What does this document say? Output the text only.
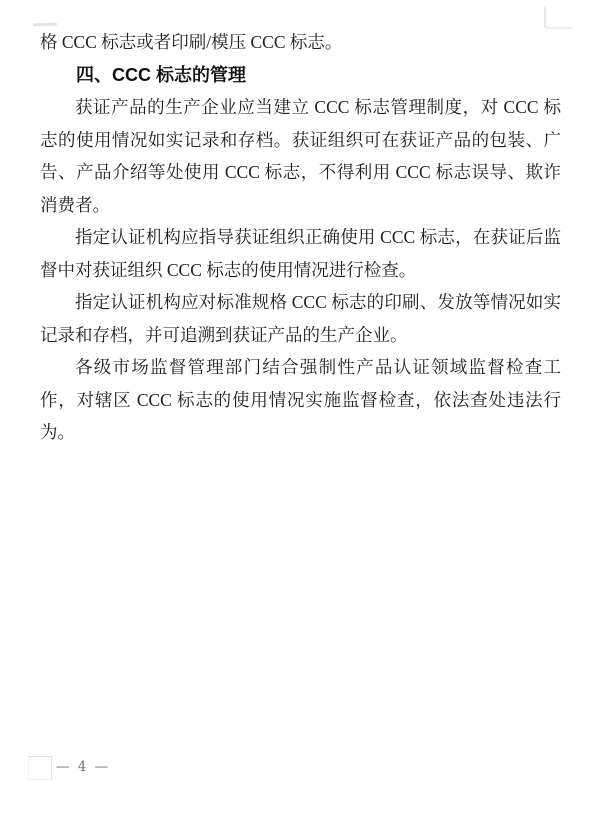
格 CCC 标志或者印刷/模压 CCC 标志。

四、CCC 标志的管理

获证产品的生产企业应当建立 CCC 标志管理制度，对 CCC 标志的使用情况如实记录和存档。获证组织可在获证产品的包装、广告、产品介绍等处使用 CCC 标志，不得利用 CCC 标志误导、欺诈消费者。

指定认证机构应指导获证组织正确使用 CCC 标志，在获证后监督中对获证组织 CCC 标志的使用情况进行检查。

指定认证机构应对标准规格 CCC 标志的印刷、发放等情况如实记录和存档，并可追溯到获证产品的生产企业。

各级市场监督管理部门结合强制性产品认证领域监督检查工作，对辖区 CCC 标志的使用情况实施监督检查，依法查处违法行为。

— 4 —
